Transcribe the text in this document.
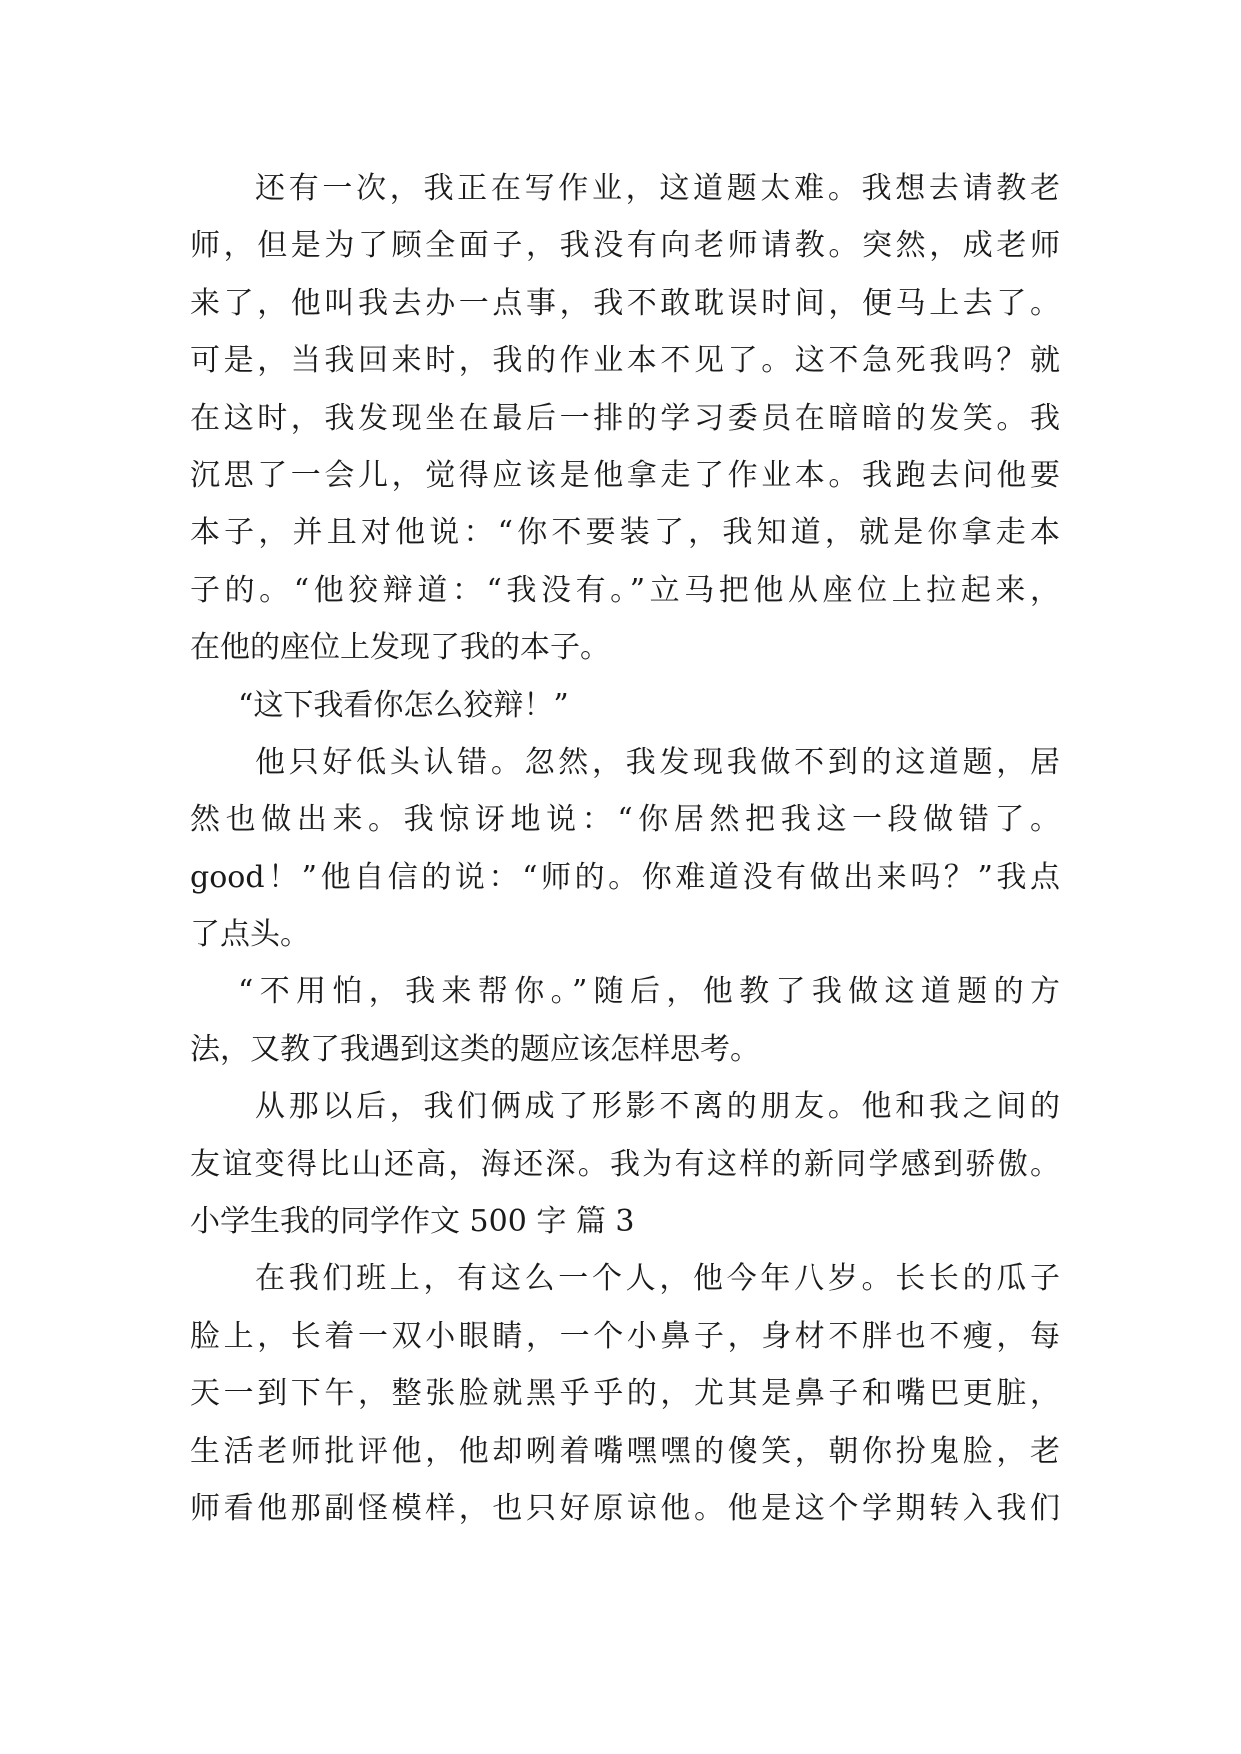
还有一次，我正在写作业，这道题太难。我想去请教老
师，但是为了顾全面子，我没有向老师请教。突然，成老师
来了，他叫我去办一点事，我不敢耽误时间，便马上去了。
可是，当我回来时，我的作业本不见了。这不急死我吗？就
在这时，我发现坐在最后一排的学习委员在暗暗的发笑。我
沉思了一会儿，觉得应该是他拿走了作业本。我跑去问他要
本子，并且对他说：“你不要装了，我知道，就是你拿走本
子的。“他狡辩道：“我没有。”立马把他从座位上拉起来，
在他的座位上发现了我的本子。
“这下我看你怎么狡辩！”
他只好低头认错。忽然，我发现我做不到的这道题，居
然也做出来。我惊讶地说：“你居然把我这一段做错了。
good！”他自信的说：“师的。你难道没有做出来吗？”我点
了点头。
“不用怕，我来帮你。”随后，他教了我做这道题的方
法，又教了我遇到这类的题应该怎样思考。
从那以后，我们俩成了形影不离的朋友。他和我之间的
友谊变得比山还高，海还深。我为有这样的新同学感到骄傲。
小学生我的同学作文 500 字 篇 3
在我们班上，有这么一个人，他今年八岁。长长的瓜子
脸上，长着一双小眼睛，一个小鼻子，身材不胖也不瘦，每
天一到下午，整张脸就黑乎乎的，尤其是鼻子和嘴巴更脏，
生活老师批评他，他却咧着嘴嘿嘿的傻笑，朝你扮鬼脸，老
师看他那副怪模样，也只好原谅他。他是这个学期转入我们
